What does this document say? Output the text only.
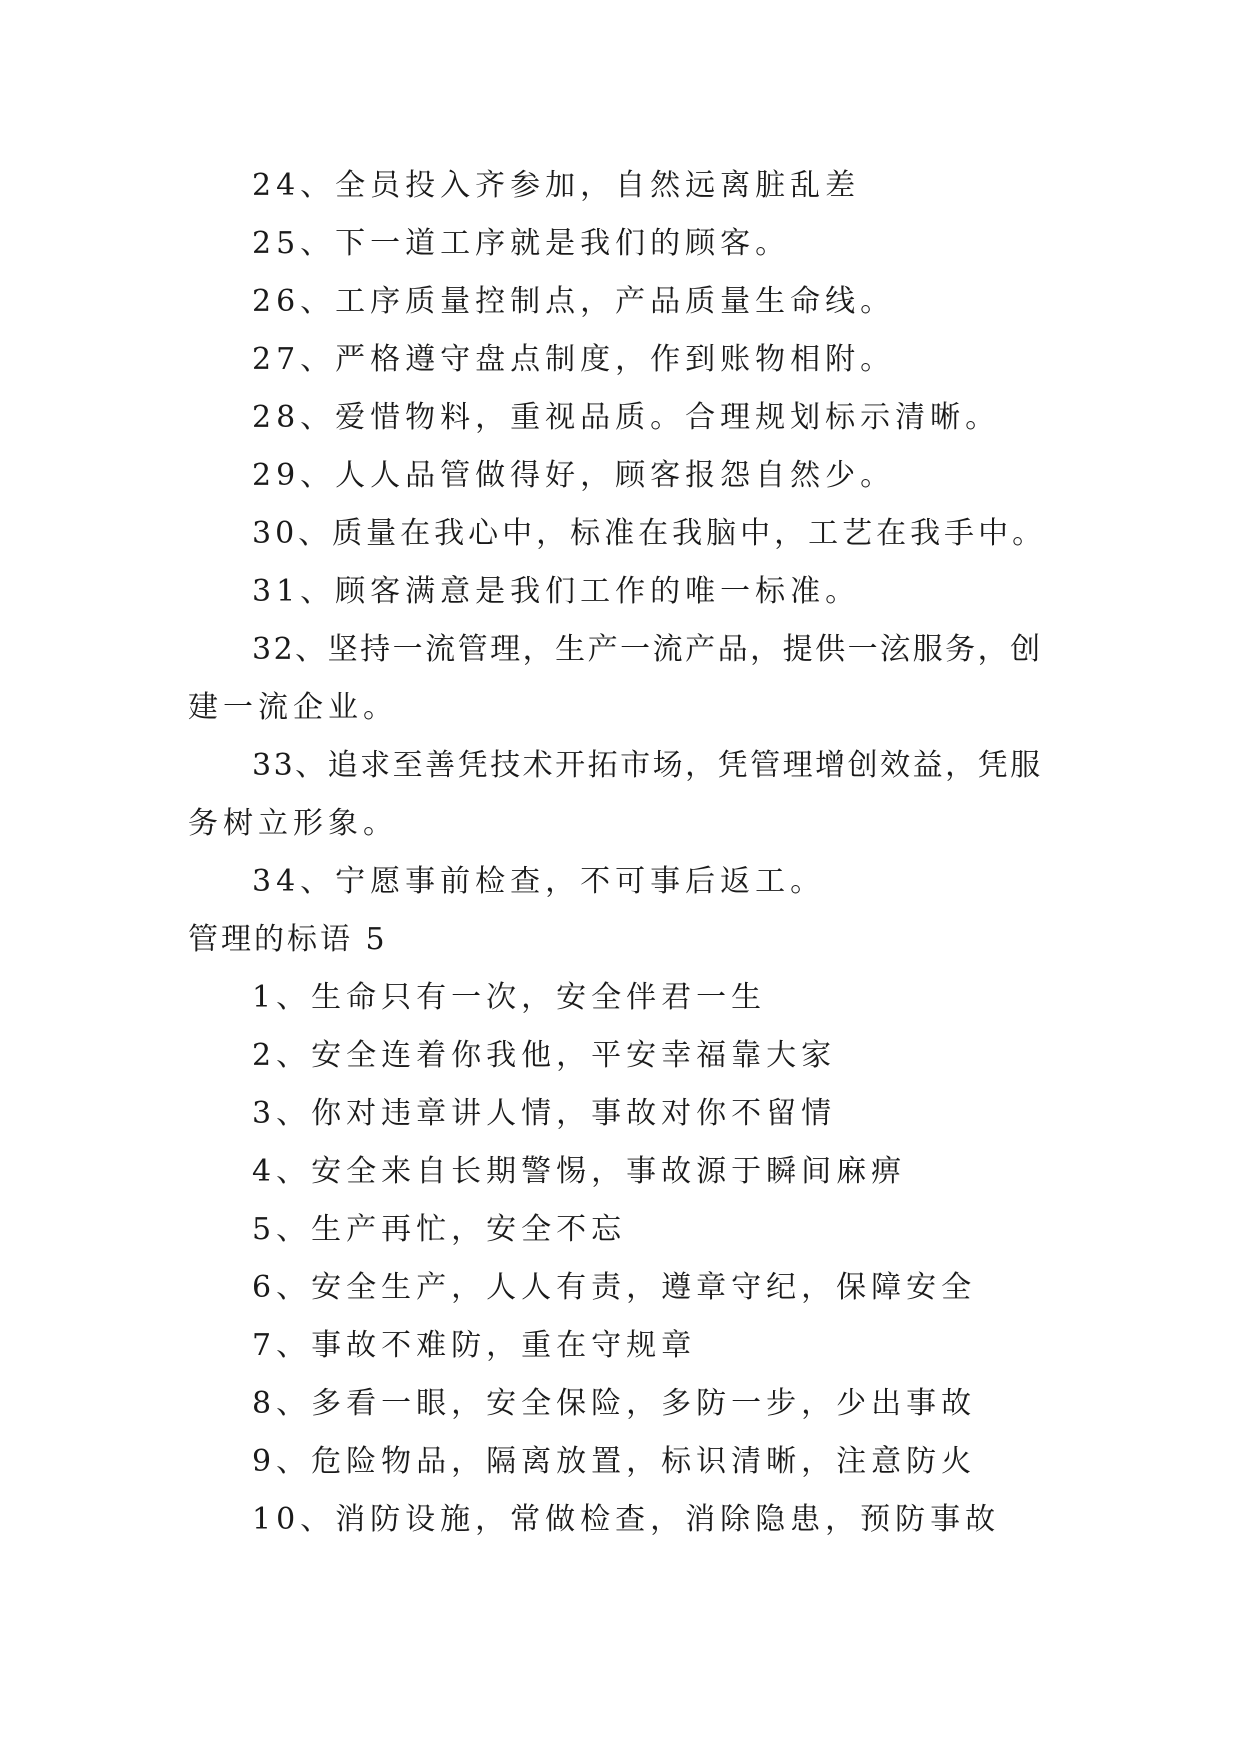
24、全员投入齐参加，自然远离脏乱差

25、下一道工序就是我们的顾客。

26、工序质量控制点，产品质量生命线。

27、严格遵守盘点制度，作到账物相附。

28、爱惜物料，重视品质。合理规划标示清晰。

29、人人品管做得好，顾客报怨自然少。

30、质量在我心中，标准在我脑中，工艺在我手中。

31、顾客满意是我们工作的唯一标准。

32、坚持一流管理，生产一流产品，提供一泫服务，创

建一流企业。

33、追求至善凭技术开拓市场，凭管理增创效益，凭服

务树立形象。

34、宁愿事前检查，不可事后返工。

管理的标语 5

1、生命只有一次，安全伴君一生

2、安全连着你我他，平安幸福靠大家

3、你对违章讲人情，事故对你不留情

4、安全来自长期警惕，事故源于瞬间麻痹

5、生产再忙，安全不忘

6、安全生产，人人有责，遵章守纪，保障安全

7、事故不难防，重在守规章

8、多看一眼，安全保险，多防一步，少出事故

9、危险物品，隔离放置，标识清晰，注意防火

10、消防设施，常做检查，消除隐患，预防事故
